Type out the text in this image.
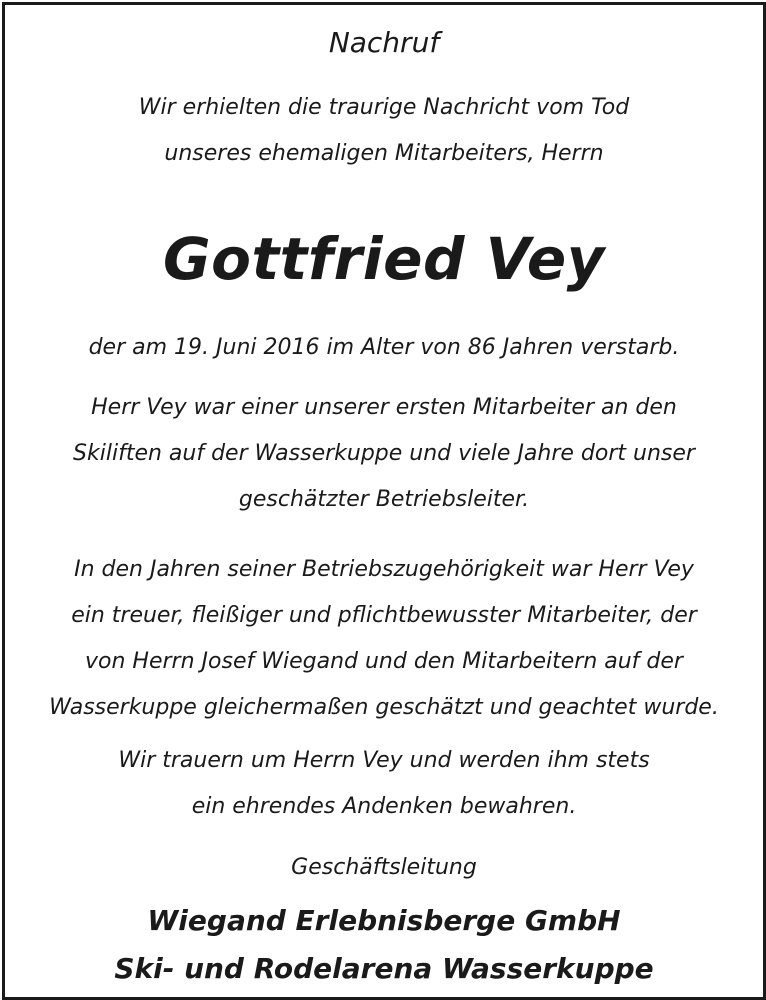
Nachruf
Wir erhielten die traurige Nachricht vom Tod
unseres ehemaligen Mitarbeiters, Herrn
Gottfried Vey
der am 19. Juni 2016 im Alter von 86 Jahren verstarb.
Herr Vey war einer unserer ersten Mitarbeiter an den
Skiliften auf der Wasserkuppe und viele Jahre dort unser
geschätzter Betriebsleiter.
In den Jahren seiner Betriebszugehörigkeit war Herr Vey
ein treuer, fleißiger und pflichtbewusster Mitarbeiter, der
von Herrn Josef Wiegand und den Mitarbeitern auf der
Wasserkuppe gleichermaßen geschätzt und geachtet wurde.
Wir trauern um Herrn Vey und werden ihm stets
ein ehrendes Andenken bewahren.
Geschäftsleitung
Wiegand Erlebnisberge GmbH
Ski- und Rodelarena Wasserkuppe
